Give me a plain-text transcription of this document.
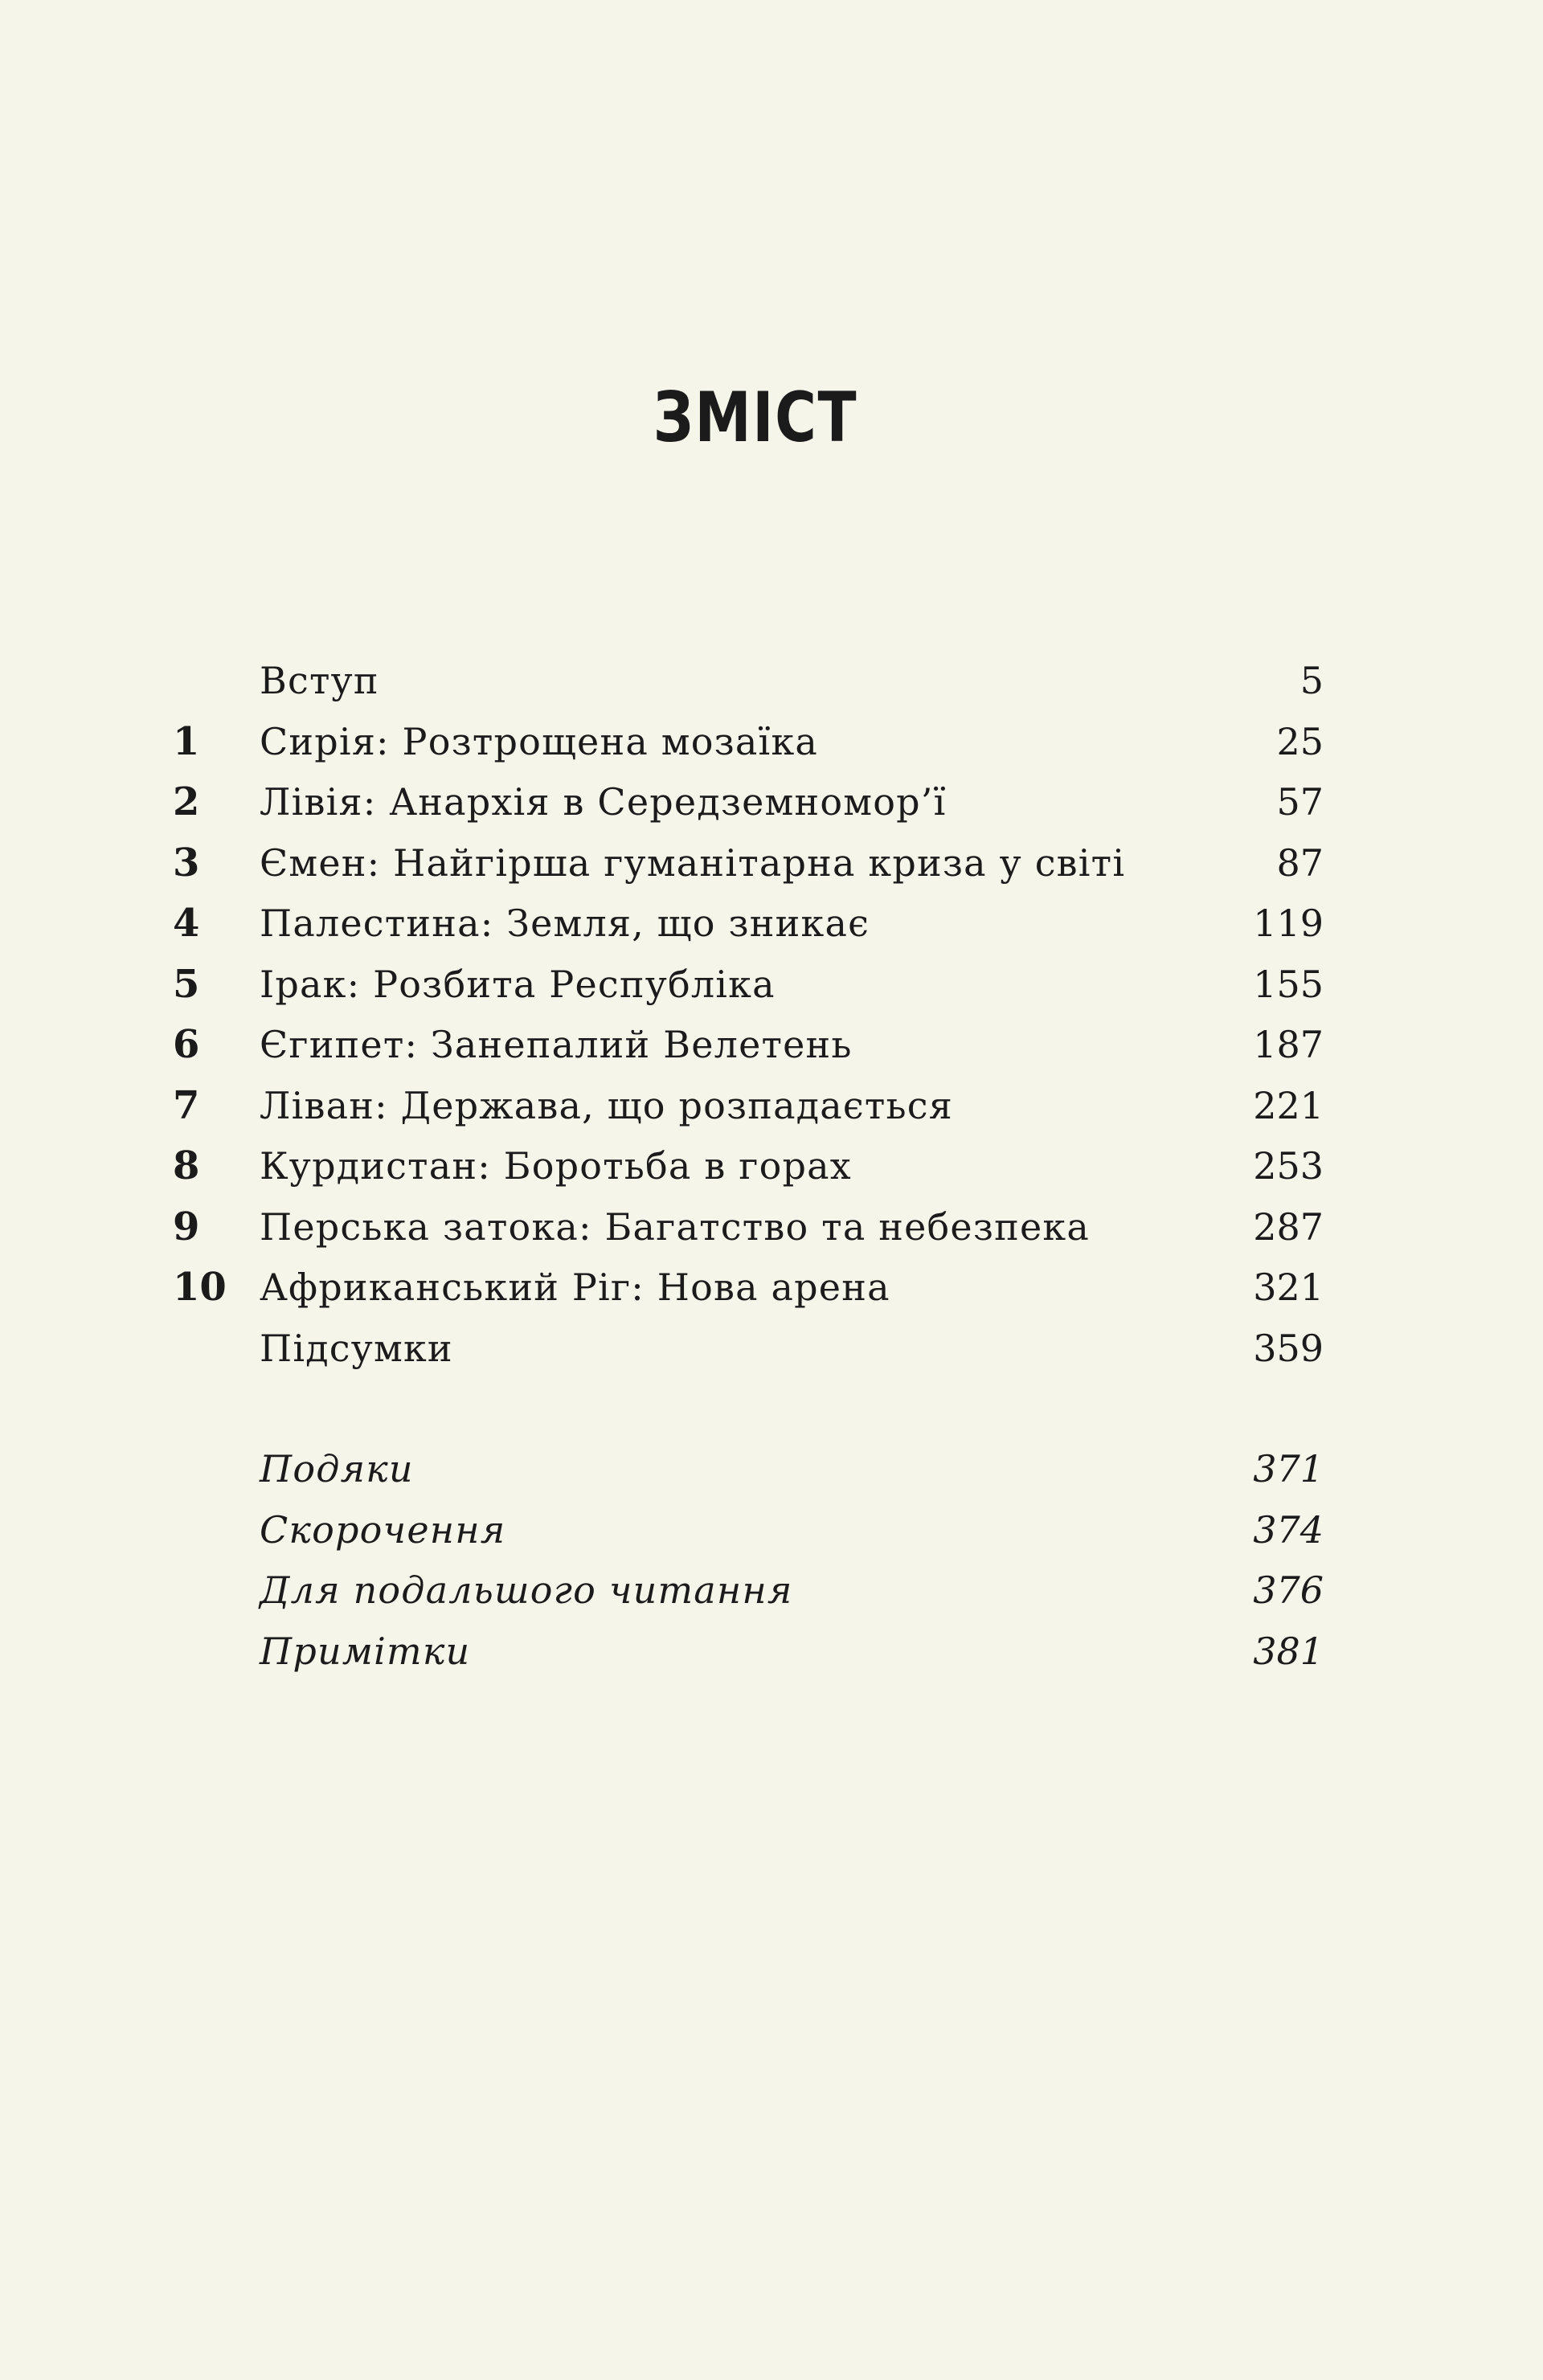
ЗМІСТ
Вступ	5
1	Сирія: Розтрощена мозаїка	25
2	Лівія: Анархія в Середземномор’ї	57
3	Ємен: Найгірша гуманітарна криза у світі	87
4	Палестина: Земля, що зникає	119
5	Ірак: Розбита Республіка	155
6	Єгипет: Занепалий Велетень	187
7	Ліван: Держава, що розпадається	221
8	Курдистан: Боротьба в горах	253
9	Перська затока: Багатство та небезпека	287
10 Африканський Ріг: Нова арена	321
Підсумки	359
Подяки	371
Скорочення	374
Для подальшого читання	376
Примітки	381
